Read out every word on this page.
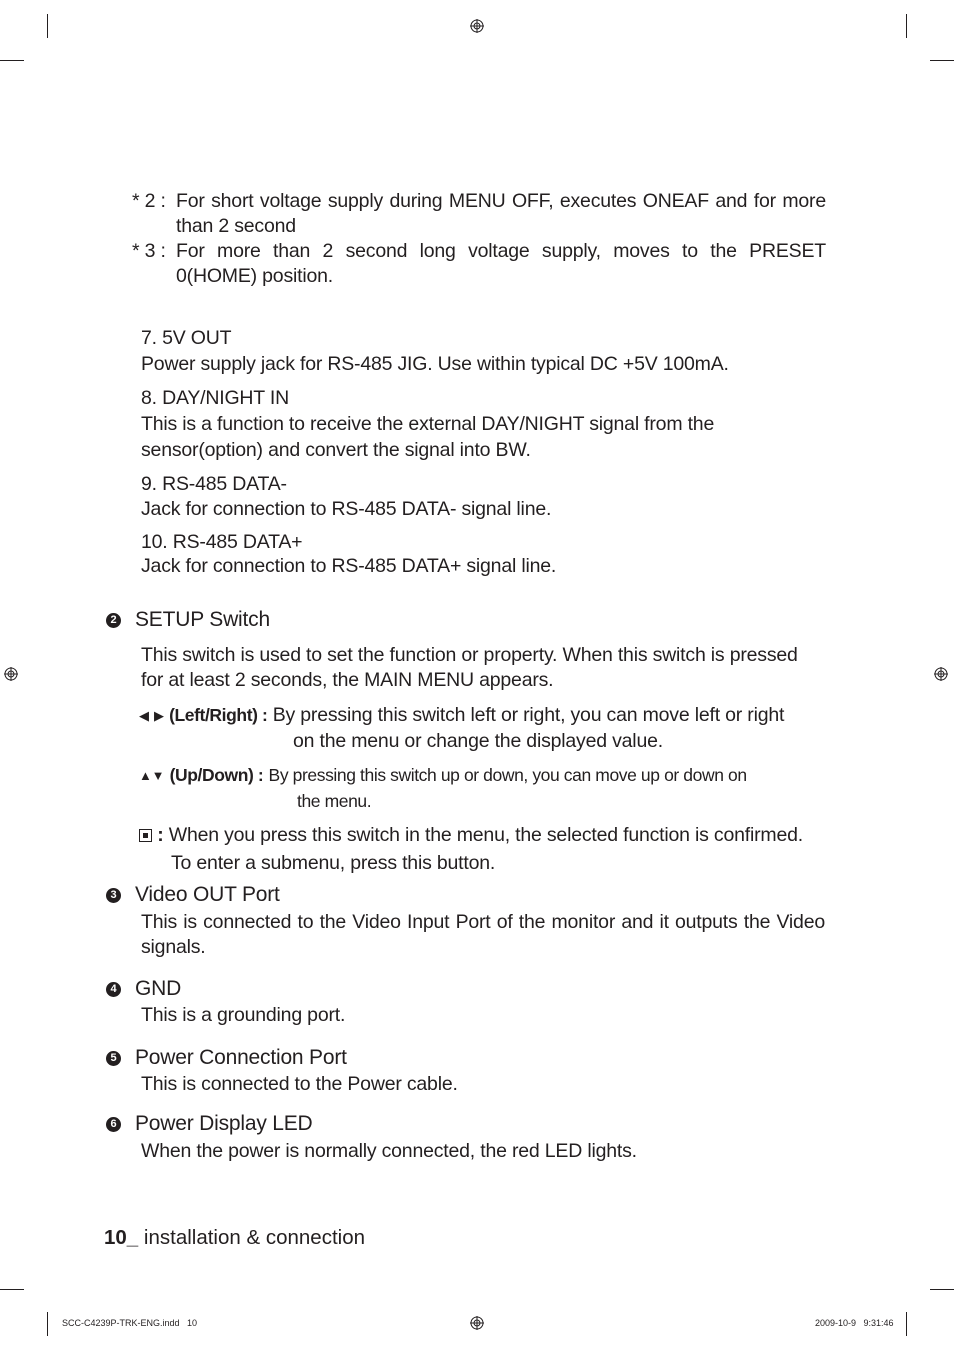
* 2 : For short voltage supply during MENU OFF, executes ONEAF and for more than 2 second
* 3 : For more than 2 second long voltage supply, moves to the PRESET 0(HOME) position.
7. 5V OUT
Power supply jack for RS-485 JIG. Use within typical DC +5V 100mA.
8. DAY/NIGHT IN
This is a function to receive the external DAY/NIGHT signal from the
sensor(option) and convert the signal into BW.
9. RS-485 DATA-
Jack for connection to RS-485 DATA- signal line.
10. RS-485 DATA+
Jack for connection to RS-485 DATA+ signal line.
2 SETUP Switch
This switch is used to set the function or property. When this switch is pressed for at least 2 seconds, the MAIN MENU appears.
◀ ▶ (Left/Right) : By pressing this switch left or right, you can move left or right
on the menu or change the displayed value.
▲▼ (Up/Down) : By pressing this switch up or down, you can move up or down on
the menu.
: When you press this switch in the menu, the selected function is confirmed.
To enter a submenu, press this button.
3 Video OUT Port
This is connected to the Video Input Port of the monitor and it outputs the Video signals.
4 GND
This is a grounding port.
5 Power Connection Port
This is connected to the Power cable.
6 Power Display LED
When the power is normally connected, the red LED lights.
10_ installation & connection
SCC-C4239P-TRK-ENG.indd   10	2009-10-9   9:31:46
